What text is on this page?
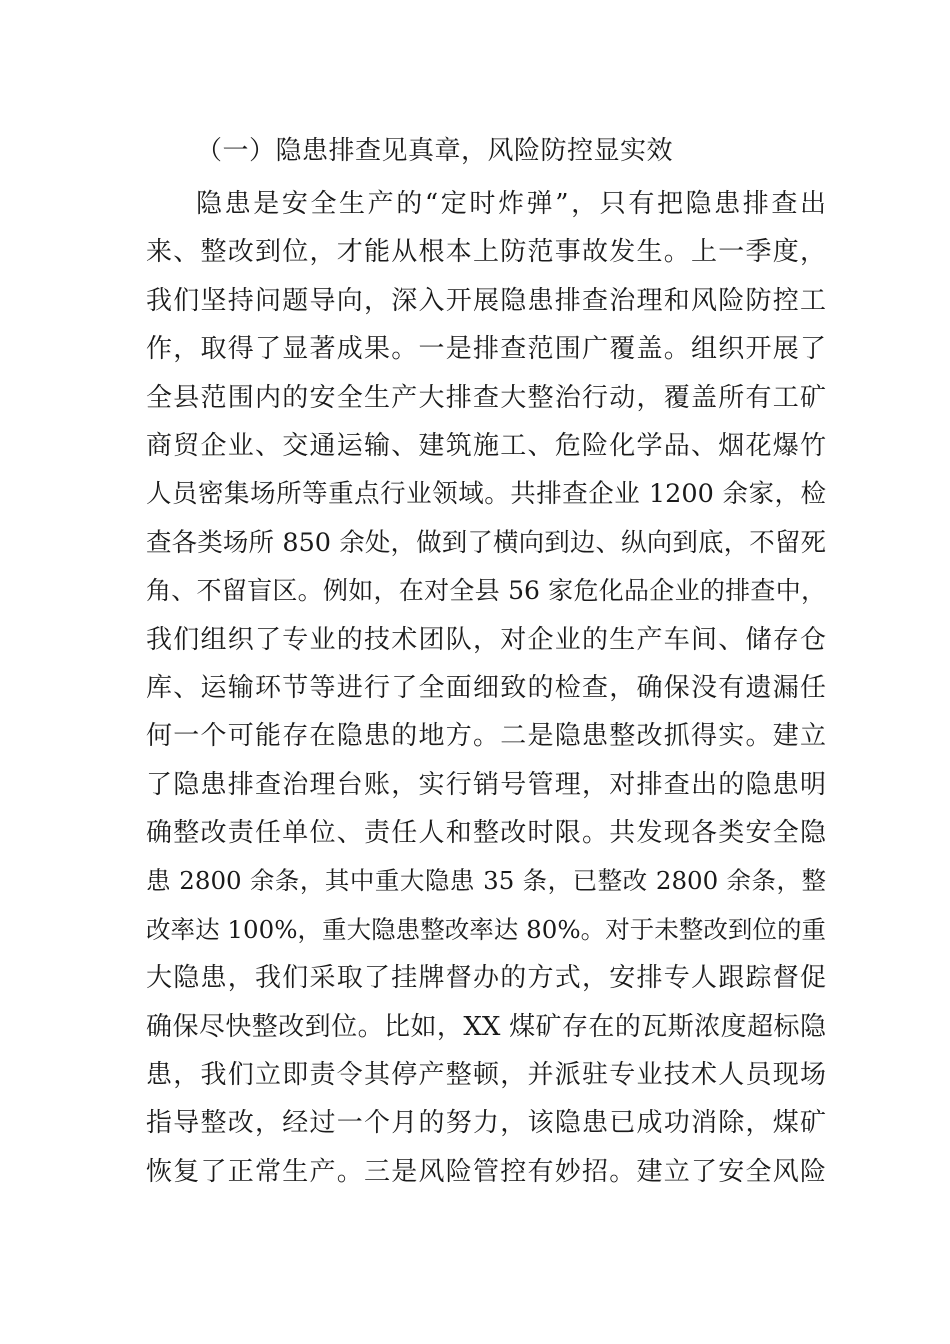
（一）隐患排查见真章，风险防控显实效
隐患是安全生产的“定时炸弹”，只有把隐患排查出
来、整改到位，才能从根本上防范事故发生。上一季度，
我们坚持问题导向，深入开展隐患排查治理和风险防控工
作，取得了显著成果。一是排查范围广覆盖。组织开展了
全县范围内的安全生产大排查大整治行动，覆盖所有工矿
商贸企业、交通运输、建筑施工、危险化学品、烟花爆竹
人员密集场所等重点行业领域。共排查企业 1200 余家，检
查各类场所 850 余处，做到了横向到边、纵向到底，不留死
角、不留盲区。例如，在对全县 56 家危化品企业的排查中，
我们组织了专业的技术团队，对企业的生产车间、储存仓
库、运输环节等进行了全面细致的检查，确保没有遗漏任
何一个可能存在隐患的地方。二是隐患整改抓得实。建立
了隐患排查治理台账，实行销号管理，对排查出的隐患明
确整改责任单位、责任人和整改时限。共发现各类安全隐
患 2800 余条，其中重大隐患 35 条，已整改 2800 余条，整
改率达 100%，重大隐患整改率达 80%。对于未整改到位的重
大隐患，我们采取了挂牌督办的方式，安排专人跟踪督促
确保尽快整改到位。比如，XX 煤矿存在的瓦斯浓度超标隐
患，我们立即责令其停产整顿，并派驻专业技术人员现场
指导整改，经过一个月的努力，该隐患已成功消除，煤矿
恢复了正常生产。三是风险管控有妙招。建立了安全风险
